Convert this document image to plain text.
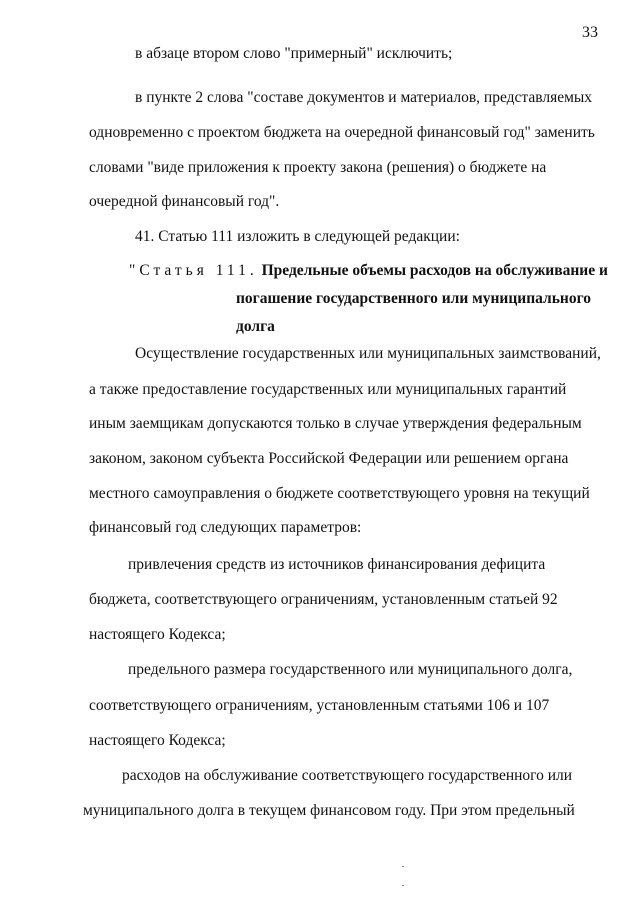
33
в абзаце втором слово "примерный" исключить;
в пункте 2 слова "составе документов и материалов, представляемых
одновременно с проектом бюджета на очередной финансовый год" заменить
словами "виде приложения к проекту закона (решения) о бюджете на
очередной финансовый год".
41. Статью 111 изложить в следующей редакции:
"Статья 111. Предельные объемы расходов на обслуживание и
погашение государственного или муниципального
долга
Осуществление государственных или муниципальных заимствований,
а также предоставление государственных или муниципальных гарантий
иным заемщикам допускаются только в случае утверждения федеральным
законом, законом субъекта Российской Федерации или решением органа
местного самоуправления о бюджете соответствующего уровня на текущий
финансовый год следующих параметров:
привлечения средств из источников финансирования дефицита
бюджета, соответствующего ограничениям, установленным статьей 92
настоящего Кодекса;
предельного размера государственного или муниципального долга,
соответствующего ограничениям, установленным статьями 106 и 107
настоящего Кодекса;
расходов на обслуживание соответствующего государственного или
муниципального долга в текущем финансовом году. При этом предельный
